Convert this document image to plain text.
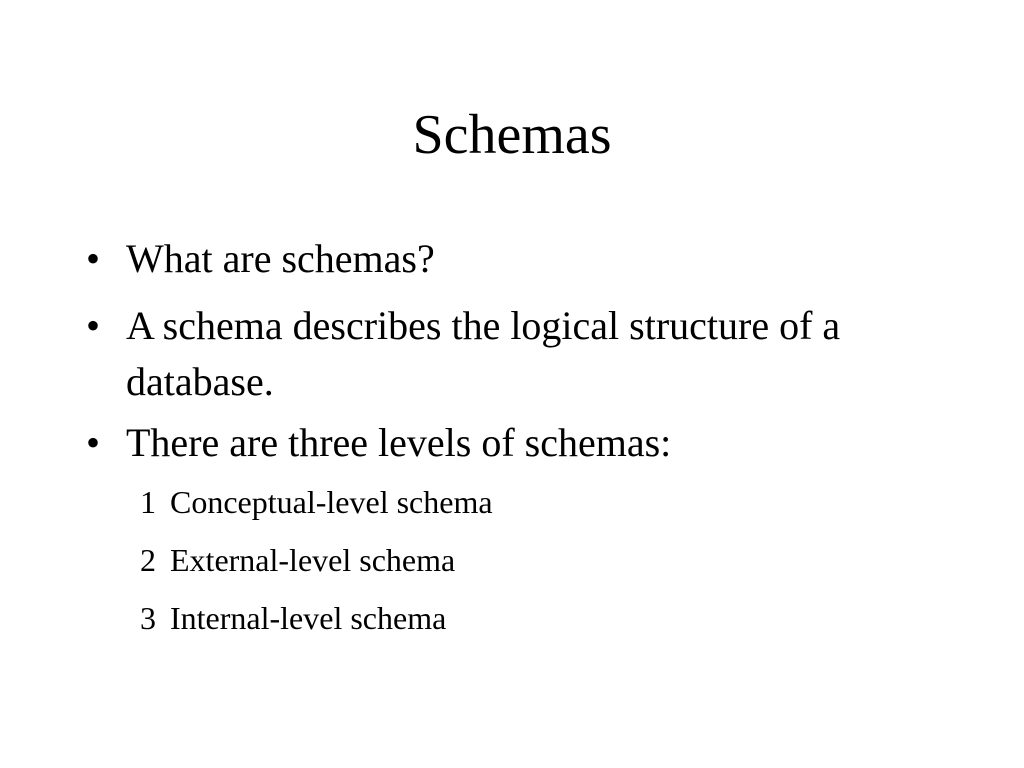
Schemas
• What are schemas?
• A schema describes the logical structure of a database.
• There are three levels of schemas:
1 Conceptual-level schema
2 External-level schema
3 Internal-level schema
